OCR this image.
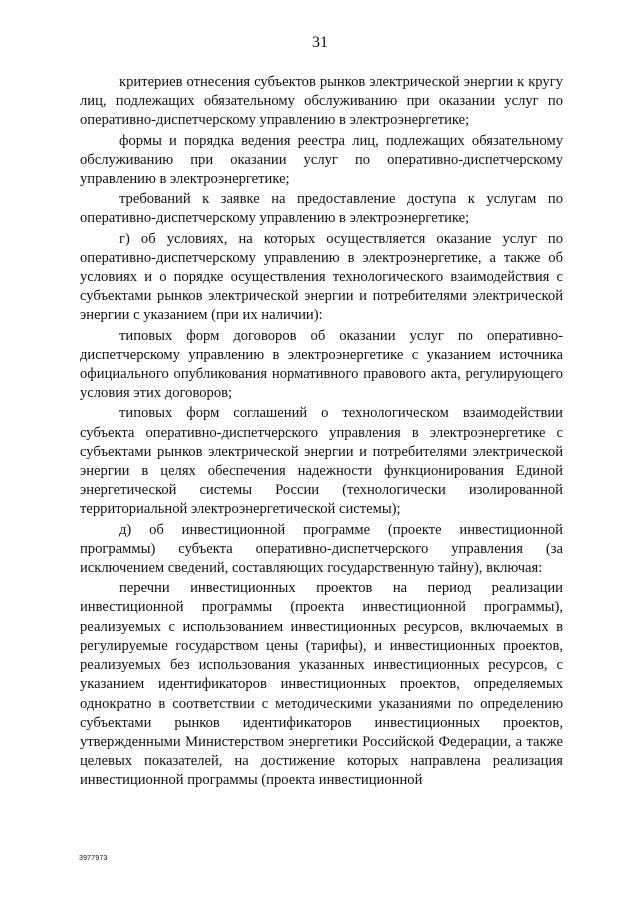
31

критериев отнесения субъектов рынков электрической энергии к кругу лиц, подлежащих обязательному обслуживанию при оказании услуг по оперативно-диспетчерскому управлению в электроэнергетике;

формы и порядка ведения реестра лиц, подлежащих обязательному обслуживанию при оказании услуг по оперативно-диспетчерскому управлению в электроэнергетике;

требований к заявке на предоставление доступа к услугам по оперативно-диспетчерскому управлению в электроэнергетике;

г) об условиях, на которых осуществляется оказание услуг по оперативно-диспетчерскому управлению в электроэнергетике, а также об условиях и о порядке осуществления технологического взаимодействия с субъектами рынков электрической энергии и потребителями электрической энергии с указанием (при их наличии):

типовых форм договоров об оказании услуг по оперативно-диспетчерскому управлению в электроэнергетике с указанием источника официального опубликования нормативного правового акта, регулирующего условия этих договоров;

типовых форм соглашений о технологическом взаимодействии субъекта оперативно-диспетчерского управления в электроэнергетике с субъектами рынков электрической энергии и потребителями электрической энергии в целях обеспечения надежности функционирования Единой энергетической системы России (технологически изолированной территориальной электроэнергетической системы);

д) об инвестиционной программе (проекте инвестиционной программы) субъекта оперативно-диспетчерского управления (за исключением сведений, составляющих государственную тайну), включая:

перечни инвестиционных проектов на период реализации инвестиционной программы (проекта инвестиционной программы), реализуемых с использованием инвестиционных ресурсов, включаемых в регулируемые государством цены (тарифы), и инвестиционных проектов, реализуемых без использования указанных инвестиционных ресурсов, с указанием идентификаторов инвестиционных проектов, определяемых однократно в соответствии с методическими указаниями по определению субъектами рынков идентификаторов инвестиционных проектов, утвержденными Министерством энергетики Российской Федерации, а также целевых показателей, на достижение которых направлена реализация инвестиционной программы (проекта инвестиционной

3977973
